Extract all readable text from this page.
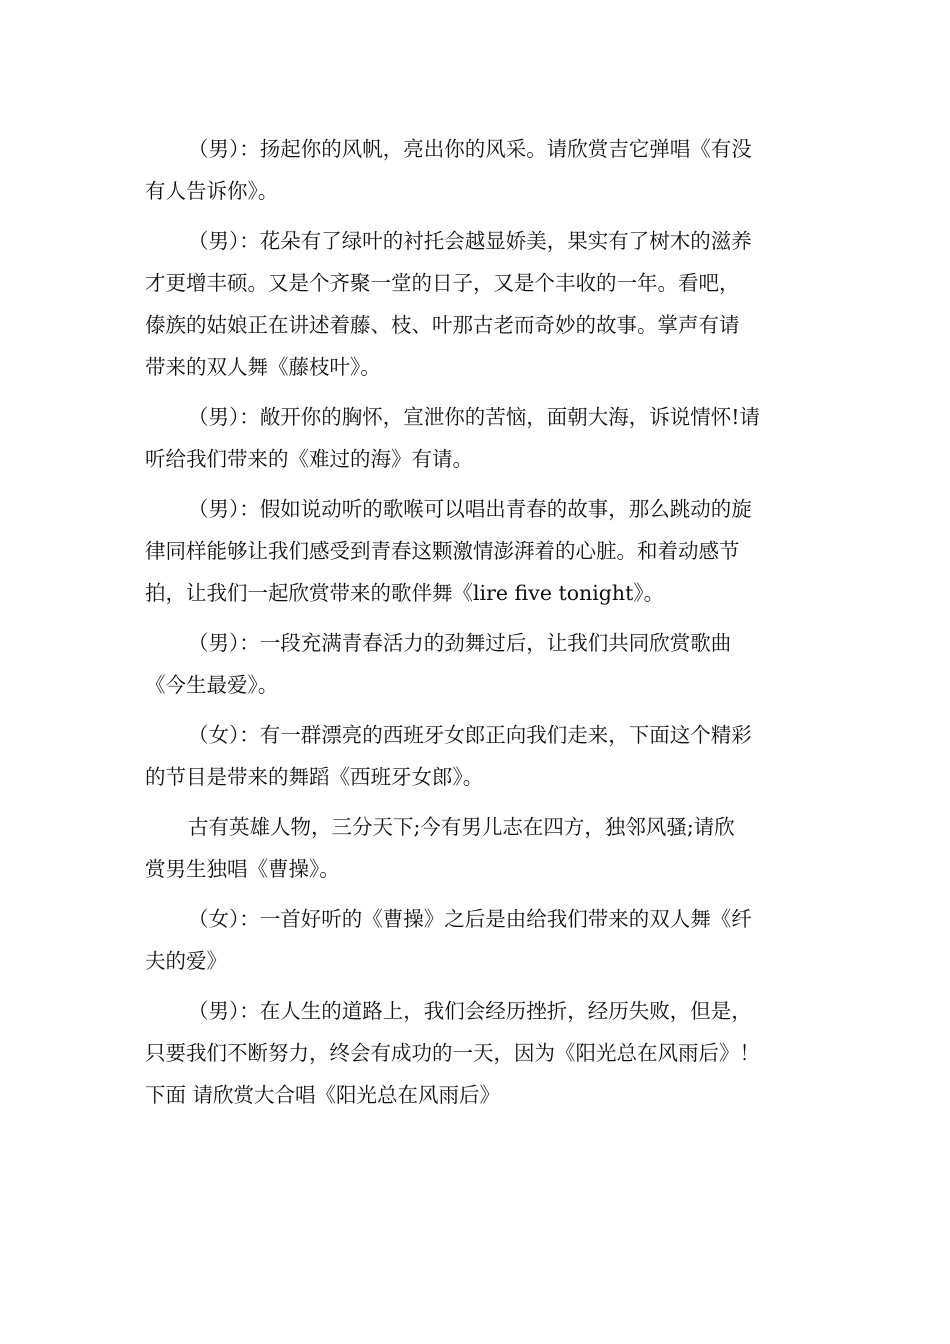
（男）：扬起你的风帆，亮出你的风采。请欣赏吉它弹唱《有没
有人告诉你》。

（男）：花朵有了绿叶的衬托会越显娇美，果实有了树木的滋养
才更增丰硕。又是个齐聚一堂的日子，又是个丰收的一年。看吧，
傣族的姑娘正在讲述着藤、枝、叶那古老而奇妙的故事。掌声有请
带来的双人舞《藤枝叶》。

（男）：敞开你的胸怀，宣泄你的苦恼，面朝大海，诉说情怀!请
听给我们带来的《难过的海》有请。

（男）：假如说动听的歌喉可以唱出青春的故事，那么跳动的旋
律同样能够让我们感受到青春这颗激情澎湃着的心脏。和着动感节
拍，让我们一起欣赏带来的歌伴舞《lire five tonight》。

（男）：一段充满青春活力的劲舞过后，让我们共同欣赏歌曲
《今生最爱》。

（女）：有一群漂亮的西班牙女郎正向我们走来，下面这个精彩
的节目是带来的舞蹈《西班牙女郎》。

古有英雄人物，三分天下;今有男儿志在四方，独邻风骚;请欣
赏男生独唱《曹操》。

（女）：一首好听的《曹操》之后是由给我们带来的双人舞《纤
夫的爱》

（男）：在人生的道路上，我们会经历挫折，经历失败，但是，
只要我们不断努力，终会有成功的一天，因为《阳光总在风雨后》！
下面 请欣赏大合唱《阳光总在风雨后》
